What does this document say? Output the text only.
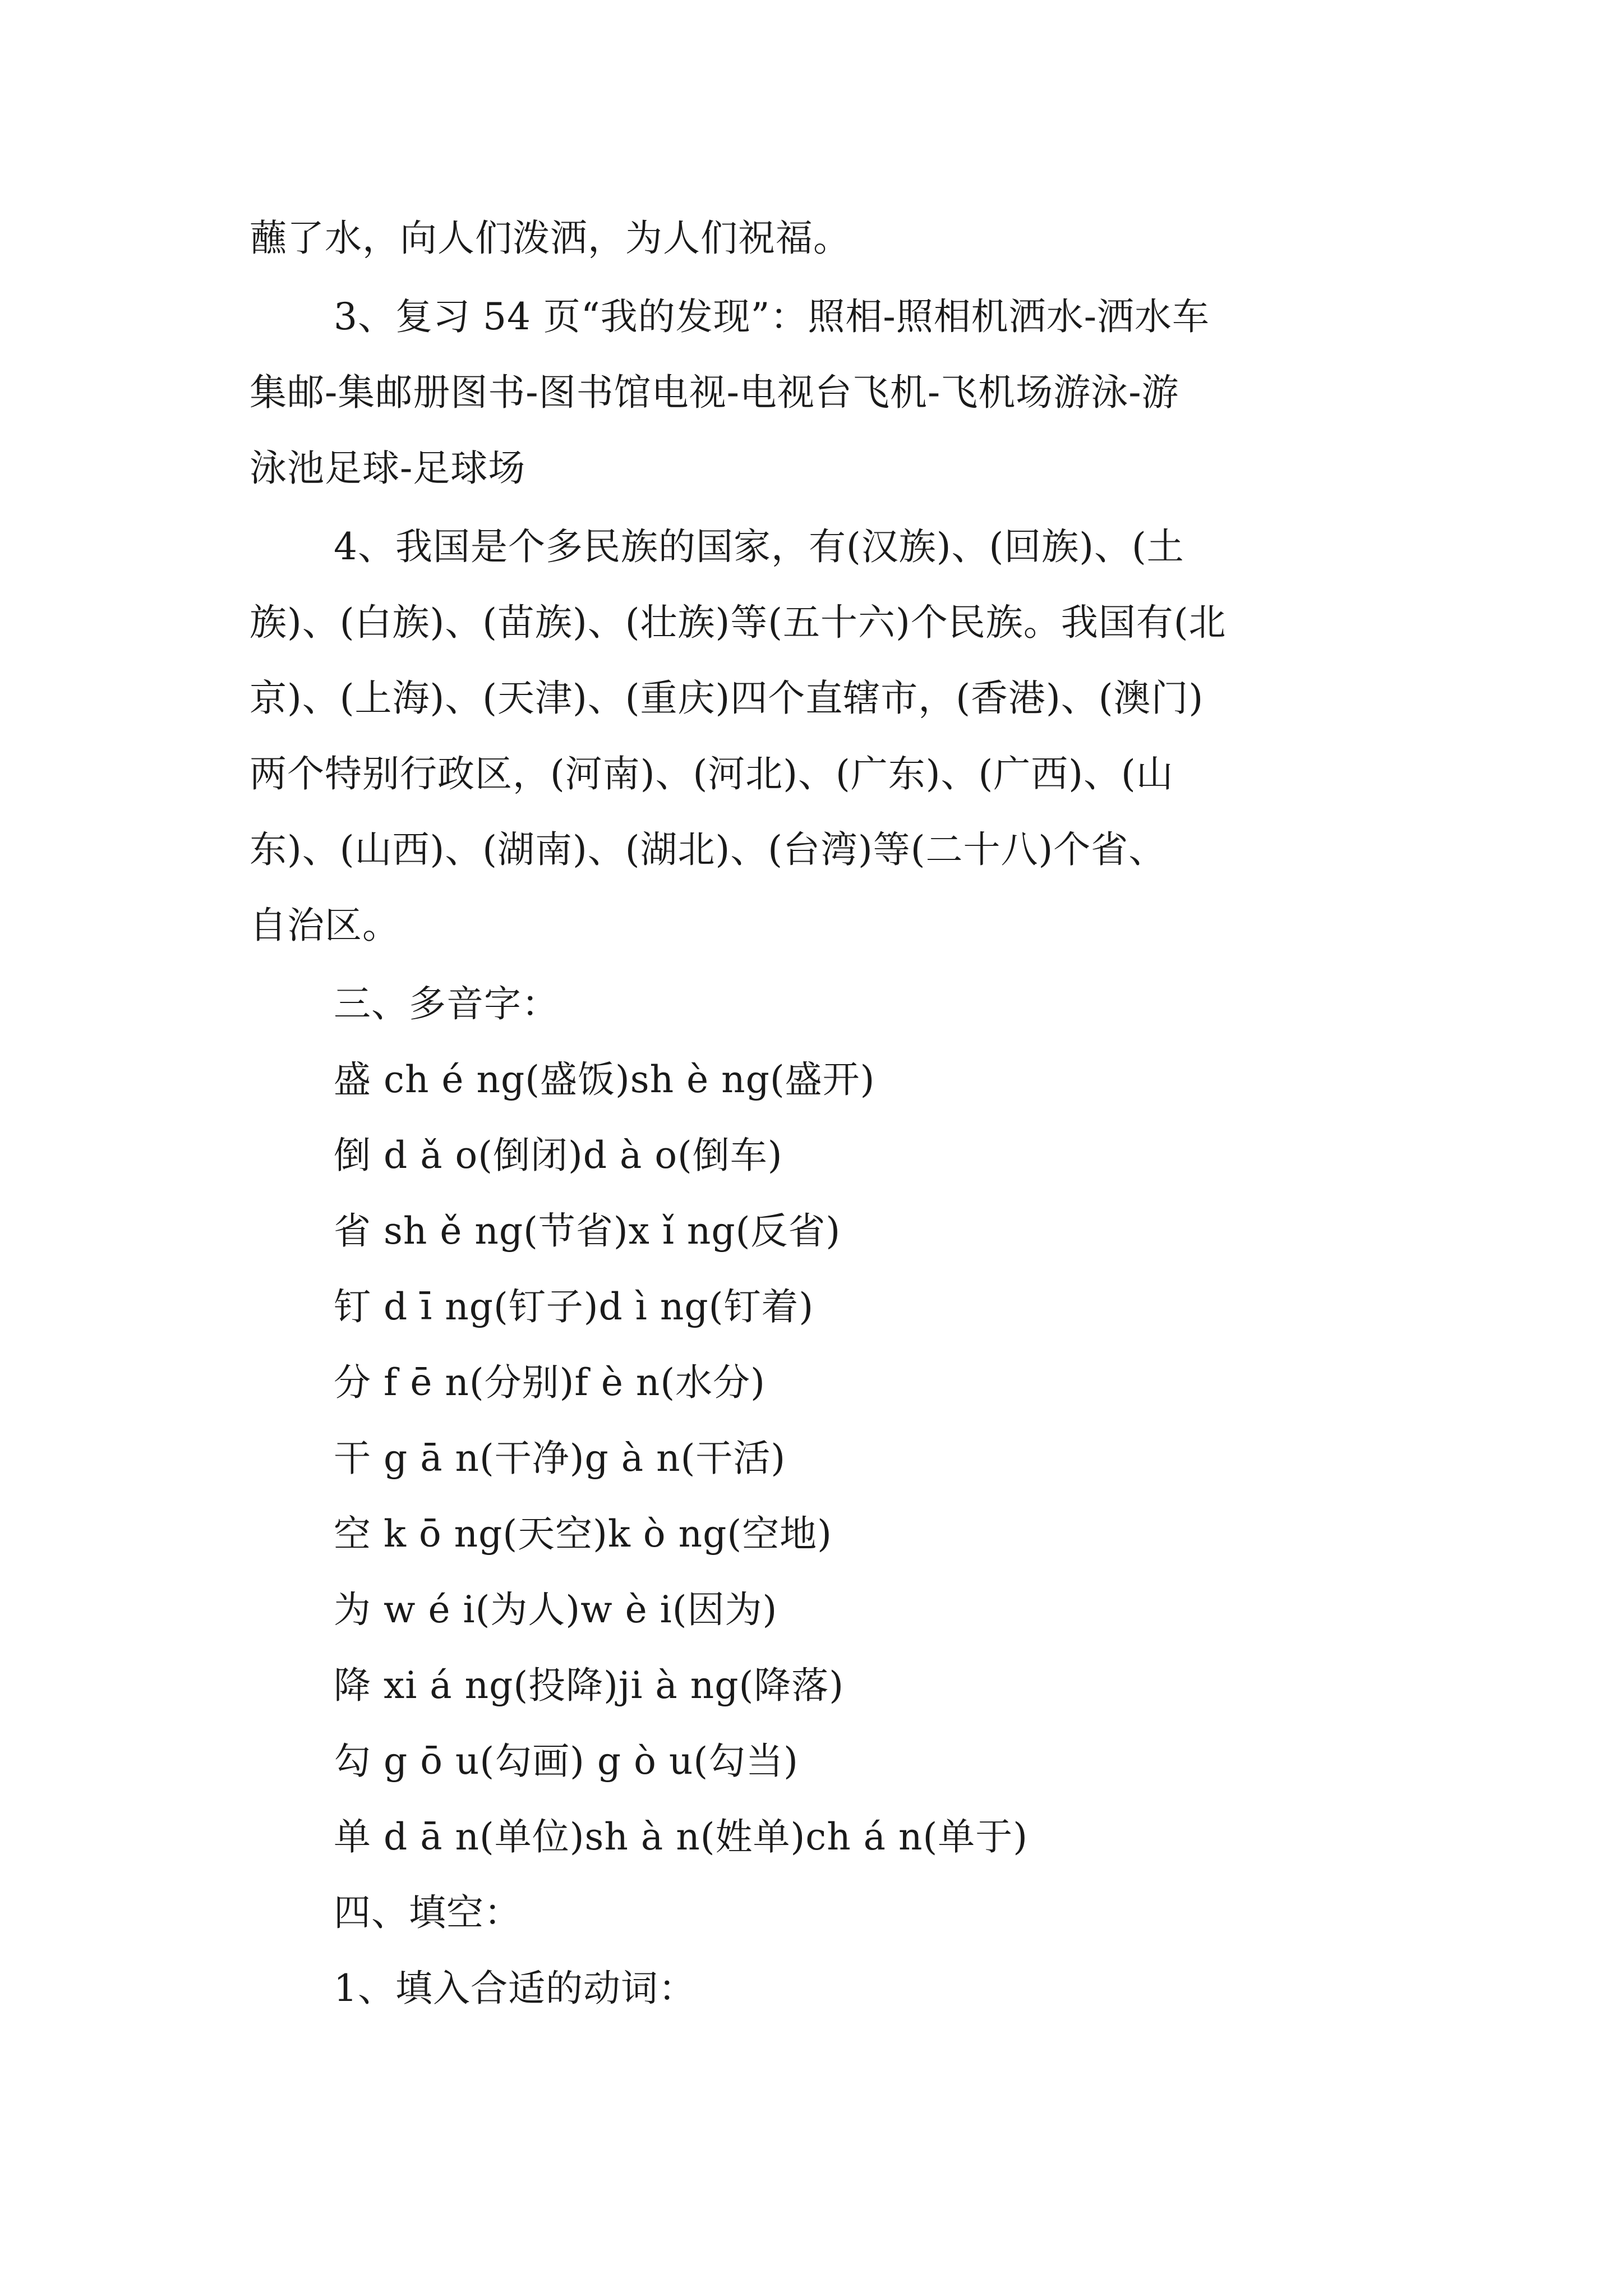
蘸了水，向人们泼洒，为人们祝福。
3、复习 54 页“我的发现”：照相-照相机洒水-洒水车
集邮-集邮册图书-图书馆电视-电视台飞机-飞机场游泳-游
泳池足球-足球场
4、我国是个多民族的国家，有(汉族)、(回族)、(土
族)、(白族)、(苗族)、(壮族)等(五十六)个民族。我国有(北
京)、(上海)、(天津)、(重庆)四个直辖市，(香港)、(澳门)
两个特别行政区，(河南)、(河北)、(广东)、(广西)、(山
东)、(山西)、(湖南)、(湖北)、(台湾)等(二十八)个省、
自治区。
三、多音字：
盛 ch é ng(盛饭)sh è ng(盛开)
倒 d ǎ o(倒闭)d à o(倒车)
省 sh ě ng(节省)x ǐ ng(反省)
钉 d ī ng(钉子)d ì ng(钉着)
分 f ē n(分别)f è n(水分)
干 g ā n(干净)g à n(干活)
空 k ō ng(天空)k ò ng(空地)
为 w é i(为人)w è i(因为)
降 xi á ng(投降)ji à ng(降落)
勾 g ō u(勾画) g ò u(勾当)
单 d ā n(单位)sh à n(姓单)ch á n(单于)
四、填空：
1、填入合适的动词：
